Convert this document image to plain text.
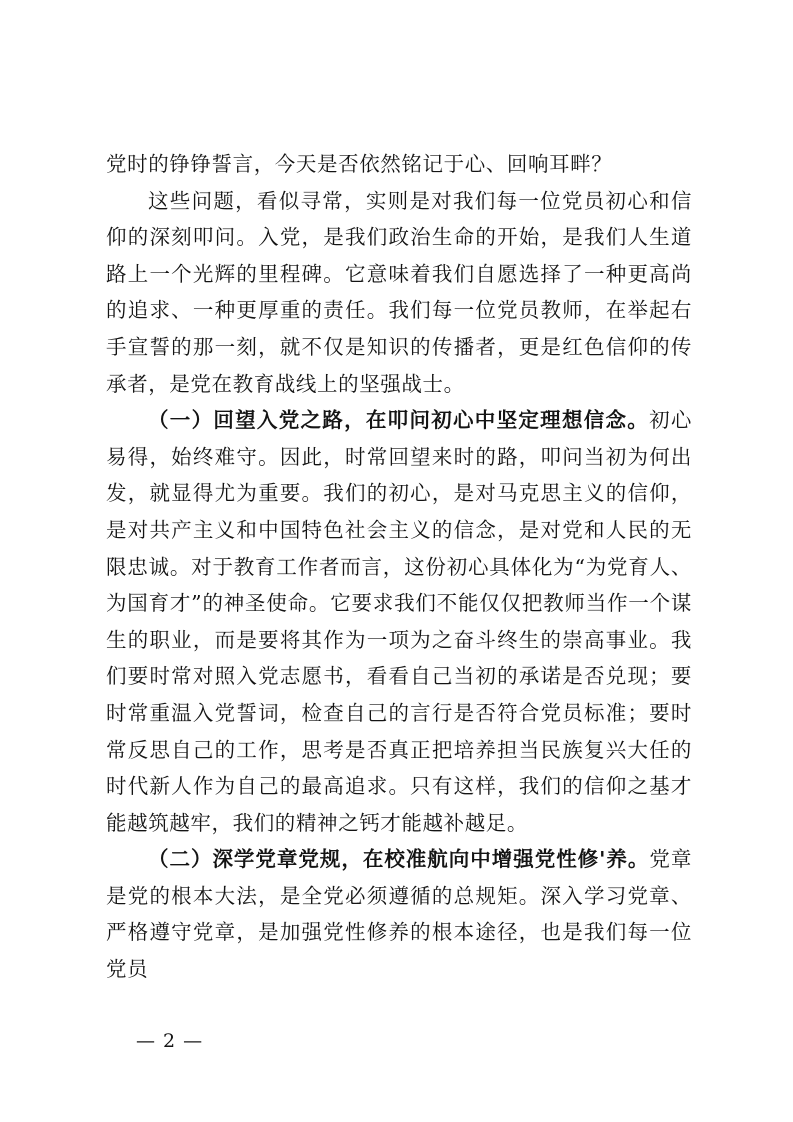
党时的铮铮誓言，今天是否依然铭记于心、回响耳畔？

这些问题，看似寻常，实则是对我们每一位党员初心和信仰的深刻叩问。入党，是我们政治生命的开始，是我们人生道路上一个光辉的里程碑。它意味着我们自愿选择了一种更高尚的追求、一种更厚重的责任。我们每一位党员教师，在举起右手宣誓的那一刻，就不仅是知识的传播者，更是红色信仰的传承者，是党在教育战线上的坚强战士。

（一）回望入党之路，在叩问初心中坚定理想信念。初心易得，始终难守。因此，时常回望来时的路，叩问当初为何出发，就显得尤为重要。我们的初心，是对马克思主义的信仰，是对共产主义和中国特色社会主义的信念，是对党和人民的无限忠诚。对于教育工作者而言，这份初心具体化为“为党育人、为国育才”的神圣使命。它要求我们不能仅仅把教师当作一个谋生的职业，而是要将其作为一项为之奋斗终生的崇高事业。我们要时常对照入党志愿书，看看自己当初的承诺是否兑现；要时常重温入党誓词，检查自己的言行是否符合党员标准；要时常反思自己的工作，思考是否真正把培养担当民族复兴大任的时代新人作为自己的最高追求。只有这样，我们的信仰之基才能越筑越牢，我们的精神之钙才能越补越足。

（二）深学党章党规，在校准航向中增强党性修'养。党章是党的根本大法，是全党必须遵循的总规矩。深入学习党章、严格遵守党章，是加强党性修养的根本途径，也是我们每一位党员

— 2 —
